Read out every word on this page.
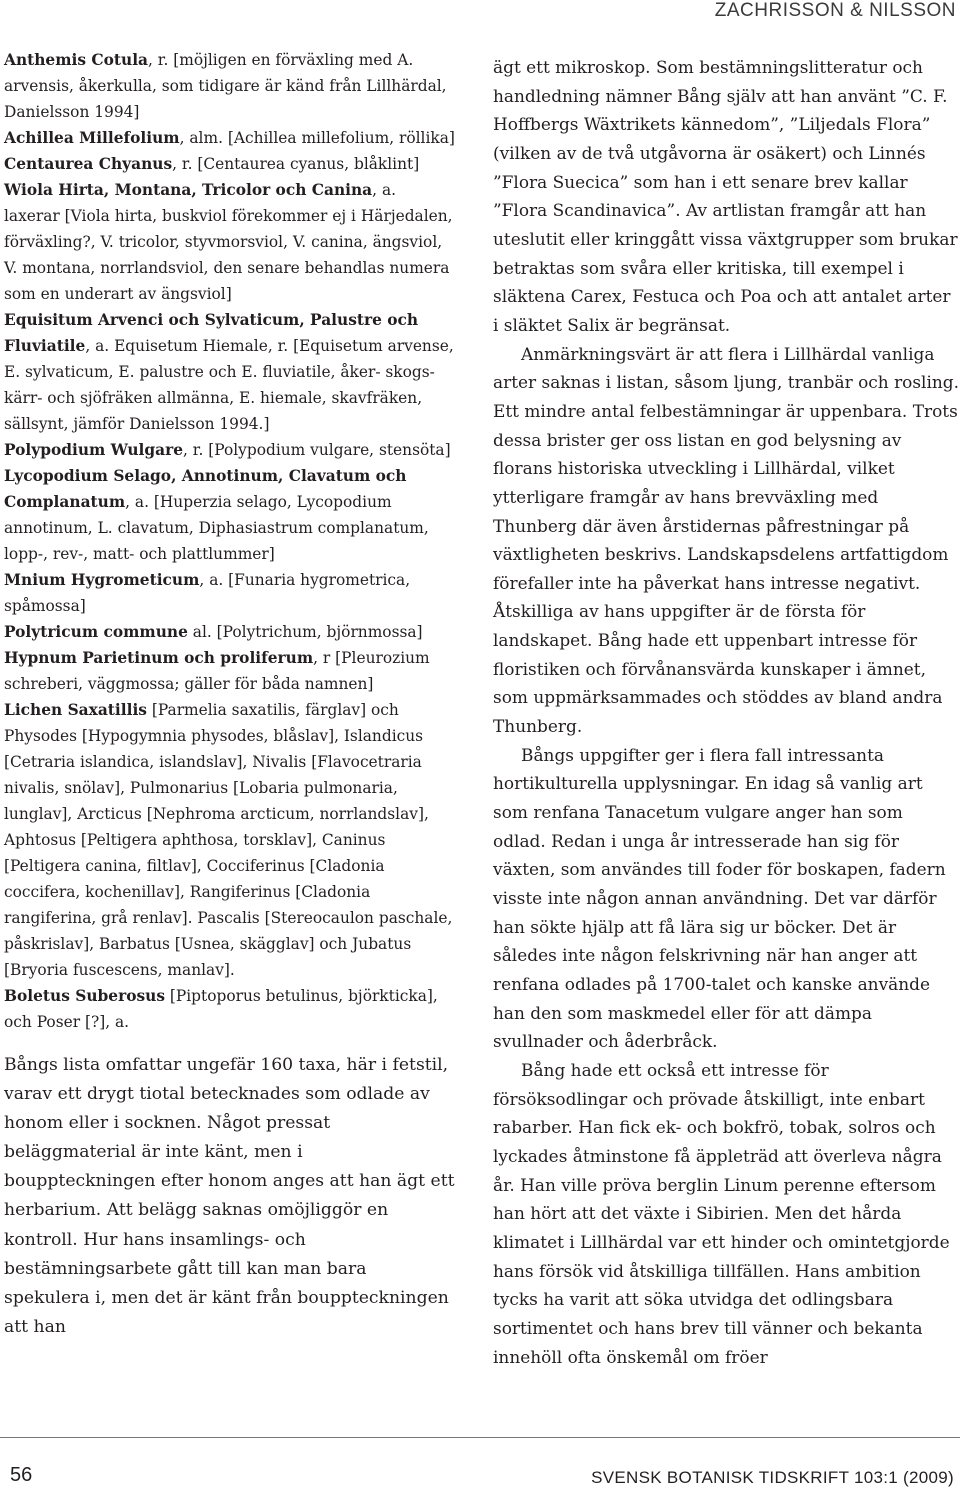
ZACHRISSON & NILSSON
Anthemis Cotula, r. [möjligen en förväxling med A. arvensis, åkerkulla, som tidigare är känd från Lillhärdal, Danielsson 1994]
Achillea Millefolium, alm. [Achillea millefolium, röllika]
Centaurea Chyanus, r. [Centaurea cyanus, blåklint]
Wiola Hirta, Montana, Tricolor och Canina, a. laxerar [Viola hirta, buskviol förekommer ej i Härjedalen, förväxling?, V. tricolor, styvmorsviol, V. canina, ängsviol, V. montana, norrlandsviol, den senare behandlas numera som en underart av ängsviol]
Equisitum Arvenci och Sylvaticum, Palustre och Fluviatile, a. Equisetum Hiemale, r. [Equisetum arvense, E. sylvaticum, E. palustre och E. fluviatile, åker- skogs- kärr- och sjöfräken allmänna, E. hiemale, skavfräken, sällsynt, jämför Danielsson 1994.]
Polypodium Wulgare, r. [Polypodium vulgare, stensöta]
Lycopodium Selago, Annotinum, Clavatum och Complanatum, a. [Huperzia selago, Lycopodium annotinum, L. clavatum, Diphasiastrum complanatum, lopp-, rev-, matt- och plattlummer]
Mnium Hygrometicum, a. [Funaria hygrometrica, spåmossa]
Polytricum commune al. [Polytrichum, björnmossa]
Hypnum Parietinum och proliferum, r [Pleurozium schreberi, väggmossa; gäller för båda namnen]
Lichen Saxatillis [Parmelia saxatilis, färglav] och Physodes [Hypogymnia physodes, blåslav], Islandicus [Cetraria islandica, islandslav], Nivalis [Flavocetraria nivalis, snölav], Pulmonarius [Lobaria pulmonaria, lunglav], Arcticus [Nephroma arcticum, norrlandslav], Aphtosus [Peltigera aphthosa, torsklav], Caninus [Peltigera canina, filtlav], Cocciferinus [Cladonia coccifera, kochenillav], Rangiferinus [Cladonia rangiferina, grå renlav]. Pascalis [Stereocaulon paschale, påskrislav], Barbatus [Usnea, skägglav] och Jubatus [Bryoria fuscescens, manlav].
Boletus Suberosus [Piptoporus betulinus, björkticka], och Poser [?], a.
Bångs lista omfattar ungefär 160 taxa, här i fetstil, varav ett drygt tiotal betecknades som odlade av honom eller i socknen. Något pressat beläggmaterial är inte känt, men i bouppteckningen efter honom anges att han ägt ett herbarium. Att belägg saknas omöjliggör en kontroll. Hur hans insamlings- och bestämningsarbete gått till kan man bara spekulera i, men det är känt från bouppteckningen att han
ägt ett mikroskop. Som bestämningslitteratur och handledning nämner Bång själv att han använt ”C. F. Hoffbergs Wäxtrikets kännedom”, ”Liljedals Flora” (vilken av de två utgåvorna är osäkert) och Linnés ”Flora Suecica” som han i ett senare brev kallar ”Flora Scandinavica”. Av artlistan framgår att han uteslutit eller kringgått vissa växtgrupper som brukar betraktas som svåra eller kritiska, till exempel i släktena Carex, Festuca och Poa och att antalet arter i släktet Salix är begränsat.
Anmärkningsvärt är att flera i Lillhärdal vanliga arter saknas i listan, såsom ljung, tranbär och rosling. Ett mindre antal felbestämningar är uppenbara. Trots dessa brister ger oss listan en god belysning av florans historiska utveckling i Lillhärdal, vilket ytterligare framgår av hans brevväxling med Thunberg där även årstidernas påfrestningar på växtligheten beskrivs. Landskapsdelens artfattigdom förefaller inte ha påverkat hans intresse negativt. Åtskilliga av hans uppgifter är de första för landskapet. Bång hade ett uppenbart intresse för floristiken och förvånansvärda kunskaper i ämnet, som uppmärksammades och stöddes av bland andra Thunberg.
Bångs uppgifter ger i flera fall intressanta hortikulturella upplysningar. En idag så vanlig art som renfana Tanacetum vulgare anger han som odlad. Redan i unga år intresserade han sig för växten, som användes till foder för boskapen, fadern visste inte någon annan användning. Det var därför han sökte hjälp att få lära sig ur böcker. Det är således inte någon felskrivning när han anger att renfana odlades på 1700-talet och kanske använde han den som maskmedel eller för att dämpa svullnader och åderbråck.
Bång hade ett också ett intresse för försöksodlingar och prövade åtskilligt, inte enbart rabarber. Han fick ek- och bokfrö, tobak, solros och lyckades åtminstone få äppleträd att överleva några år. Han ville pröva berglin Linum perenne eftersom han hört att det växte i Sibirien. Men det hårda klimatet i Lillhärdal var ett hinder och omintetgjorde hans försök vid åtskilliga tillfällen. Hans ambition tycks ha varit att söka utvidga det odlingsbara sortimentet och hans brev till vänner och bekanta innehöll ofta önskemål om fröer
56	SVENSK BOTANISK TIDSKRIFT 103:1 (2009)
